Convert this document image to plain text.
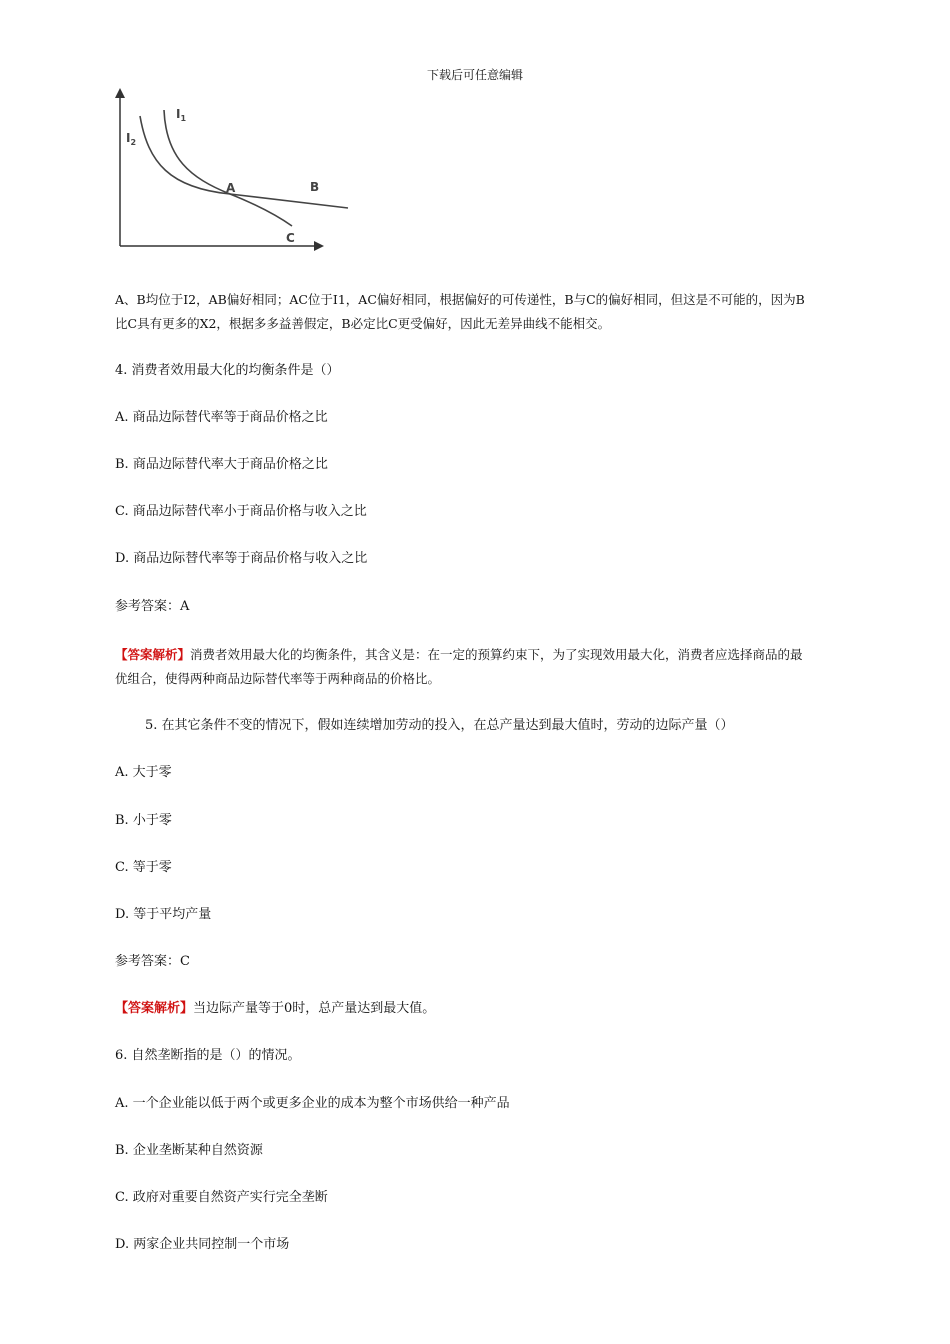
下载后可任意编辑
$I_1$
$I_2$
A	B
C

A、B均位于I2，AB偏好相同；AC位于I1，AC偏好相同，根据偏好的可传递性，B与C的偏好相同，但这是不可能的，因为B

比C具有更多的X2，根据多多益善假定，B必定比C更受偏好，因此无差异曲线不能相交。

4. 消费者效用最大化的均衡条件是（）

A. 商品边际替代率等于商品价格之比

B. 商品边际替代率大于商品价格之比

C. 商品边际替代率小于商品价格与收入之比

D. 商品边际替代率等于商品价格与收入之比

参考答案：A

【答案解析】消费者效用最大化的均衡条件，其含义是：在一定的预算约束下，为了实现效用最大化，消费者应选择商品的最

优组合，使得两种商品边际替代率等于两种商品的价格比。

5. 在其它条件不变的情况下，假如连续增加劳动的投入，在总产量达到最大值时，劳动的边际产量（）

A. 大于零

B. 小于零

C. 等于零

D. 等于平均产量

参考答案：C

【答案解析】当边际产量等于0时，总产量达到最大值。

6. 自然垄断指的是（）的情况。

A. 一个企业能以低于两个或更多企业的成本为整个市场供给一种产品

B. 企业垄断某种自然资源

C. 政府对重要自然资产实行完全垄断

D. 两家企业共同控制一个市场
